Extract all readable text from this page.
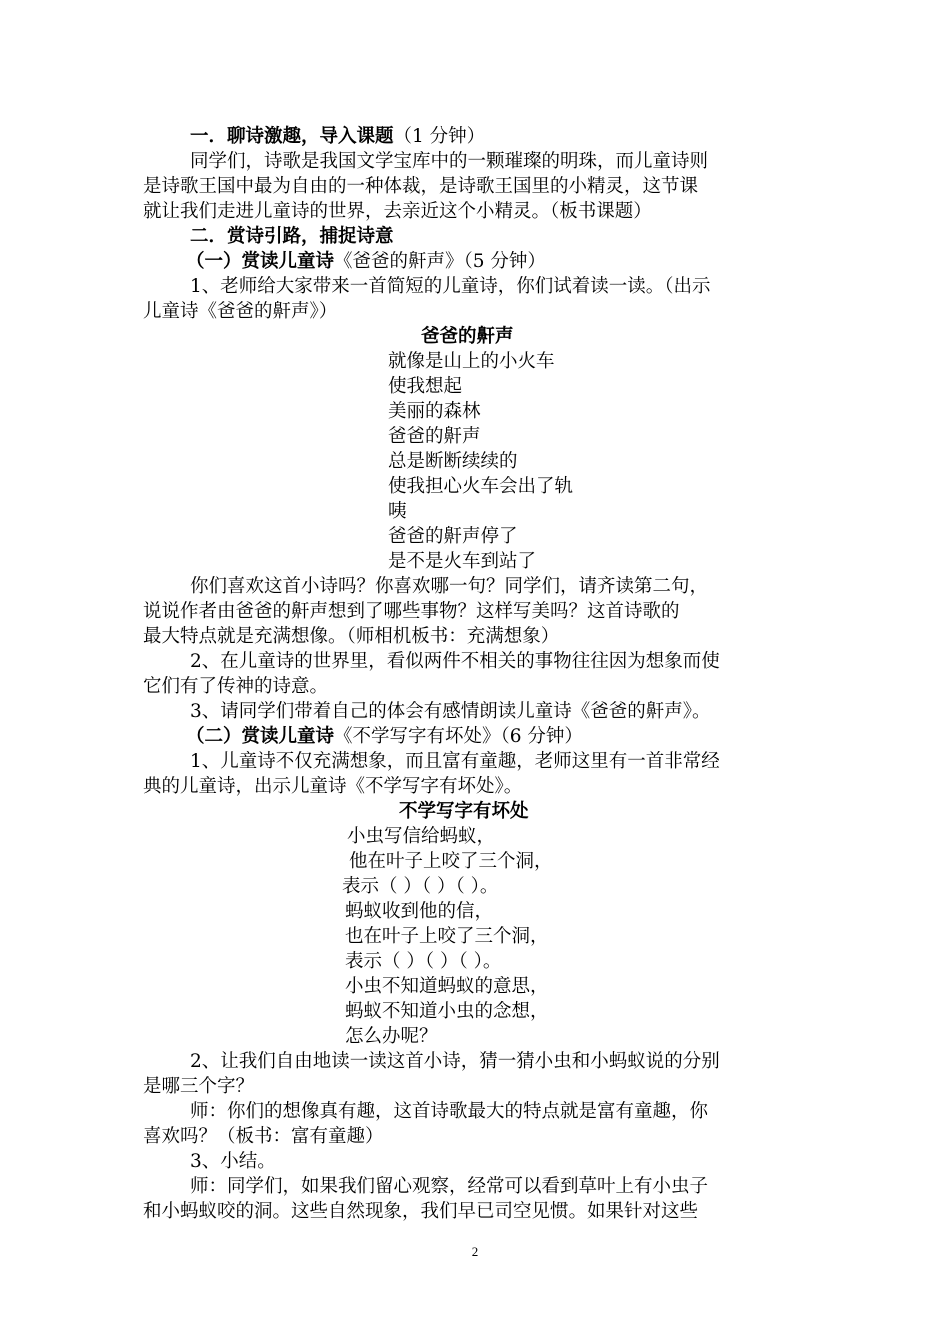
一．聊诗激趣，导入课题（1 分钟）
同学们，诗歌是我国文学宝库中的一颗璀璨的明珠，而儿童诗则
是诗歌王国中最为自由的一种体裁，是诗歌王国里的小精灵，这节课
就让我们走进儿童诗的世界，去亲近这个小精灵。（板书课题）
二．赏诗引路，捕捉诗意
（一）赏读儿童诗《爸爸的鼾声》（5 分钟）
1、老师给大家带来一首简短的儿童诗，你们试着读一读。（出示
儿童诗《爸爸的鼾声》）
爸爸的鼾声
就像是山上的小火车
使我想起
美丽的森林
爸爸的鼾声
总是断断续续的
使我担心火车会出了轨
咦
爸爸的鼾声停了
是不是火车到站了
你们喜欢这首小诗吗？你喜欢哪一句？同学们，请齐读第二句，
说说作者由爸爸的鼾声想到了哪些事物？这样写美吗？这首诗歌的
最大特点就是充满想像。（师相机板书：充满想象）
2、在儿童诗的世界里，看似两件不相关的事物往往因为想象而使
它们有了传神的诗意。
3、请同学们带着自己的体会有感情朗读儿童诗《爸爸的鼾声》。
（二）赏读儿童诗《不学写字有坏处》（6 分钟）
1、儿童诗不仅充满想象，而且富有童趣，老师这里有一首非常经
典的儿童诗，出示儿童诗《不学写字有坏处》。
不学写字有坏处
小虫写信给蚂蚁，
他在叶子上咬了三个洞，
表示（ ）（ ）（ ）。
蚂蚁收到他的信，
也在叶子上咬了三个洞，
表示（ ）（ ）（ ）。
小虫不知道蚂蚁的意思，
蚂蚁不知道小虫的念想，
怎么办呢？
2、让我们自由地读一读这首小诗，猜一猜小虫和小蚂蚁说的分别
是哪三个字？
师：你们的想像真有趣，这首诗歌最大的特点就是富有童趣，你
喜欢吗？（板书：富有童趣）
3、小结。
师：同学们，如果我们留心观察，经常可以看到草叶上有小虫子
和小蚂蚁咬的洞。这些自然现象，我们早已司空见惯。如果针对这些
2
